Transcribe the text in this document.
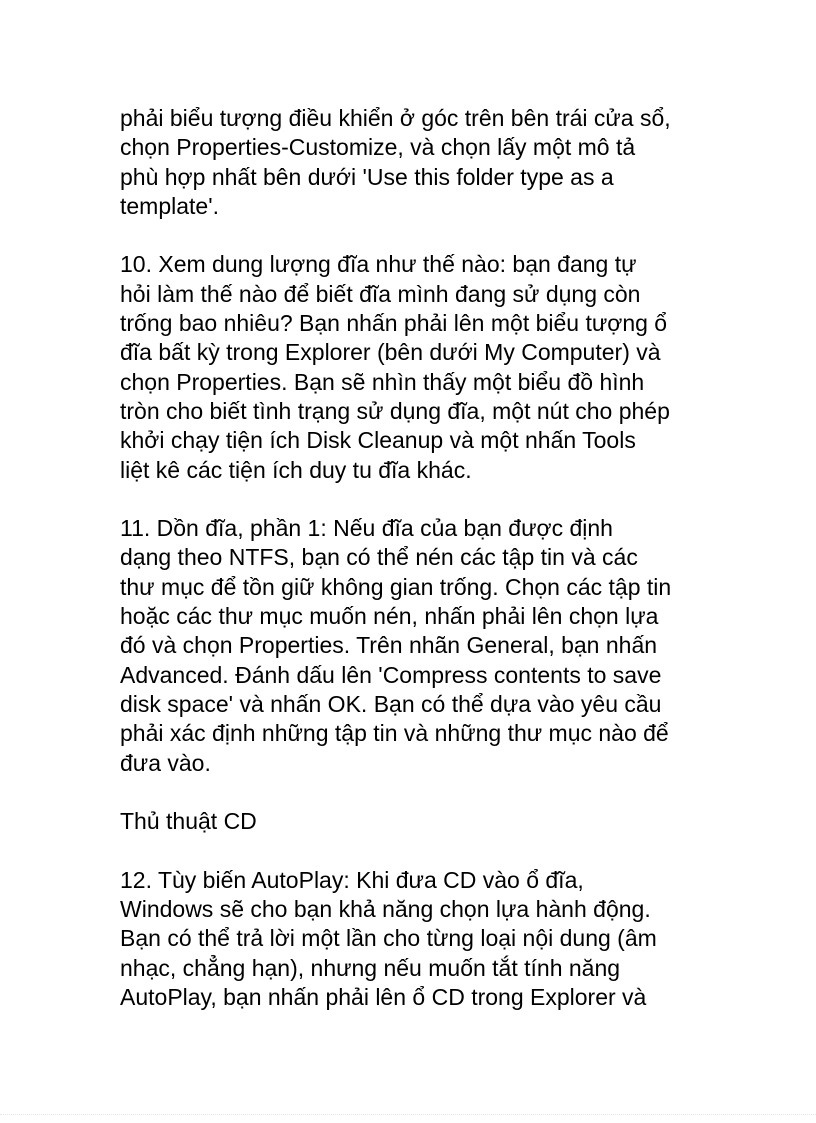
phải biểu tượng điều khiển ở góc trên bên trái cửa sổ,
chọn Properties-Customize, và chọn lấy một mô tả
phù hợp nhất bên dưới 'Use this folder type as a
template'.

10. Xem dung lượng đĩa như thế nào: bạn đang tự
hỏi làm thế nào để biết đĩa mình đang sử dụng còn
trống bao nhiêu? Bạn nhấn phải lên một biểu tượng ổ
đĩa bất kỳ trong Explorer (bên dưới My Computer) và
chọn Properties. Bạn sẽ nhìn thấy một biểu đồ hình
tròn cho biết tình trạng sử dụng đĩa, một nút cho phép
khởi chạy tiện ích Disk Cleanup và một nhấn Tools
liệt kê các tiện ích duy tu đĩa khác.

11. Dồn đĩa, phần 1: Nếu đĩa của bạn được định
dạng theo NTFS, bạn có thể nén các tập tin và các
thư mục để tồn giữ không gian trống. Chọn các tập tin
hoặc các thư mục muốn nén, nhấn phải lên chọn lựa
đó và chọn Properties. Trên nhãn General, bạn nhấn
Advanced. Đánh dấu lên 'Compress contents to save
disk space' và nhấn OK. Bạn có thể dựa vào yêu cầu
phải xác định những tập tin và những thư mục nào để
đưa vào.

Thủ thuật CD

12. Tùy biến AutoPlay: Khi đưa CD vào ổ đĩa,
Windows sẽ cho bạn khả năng chọn lựa hành động.
Bạn có thể trả lời một lần cho từng loại nội dung (âm
nhạc, chẳng hạn), nhưng nếu muốn tắt tính năng
AutoPlay, bạn nhấn phải lên ổ CD trong Explorer và
